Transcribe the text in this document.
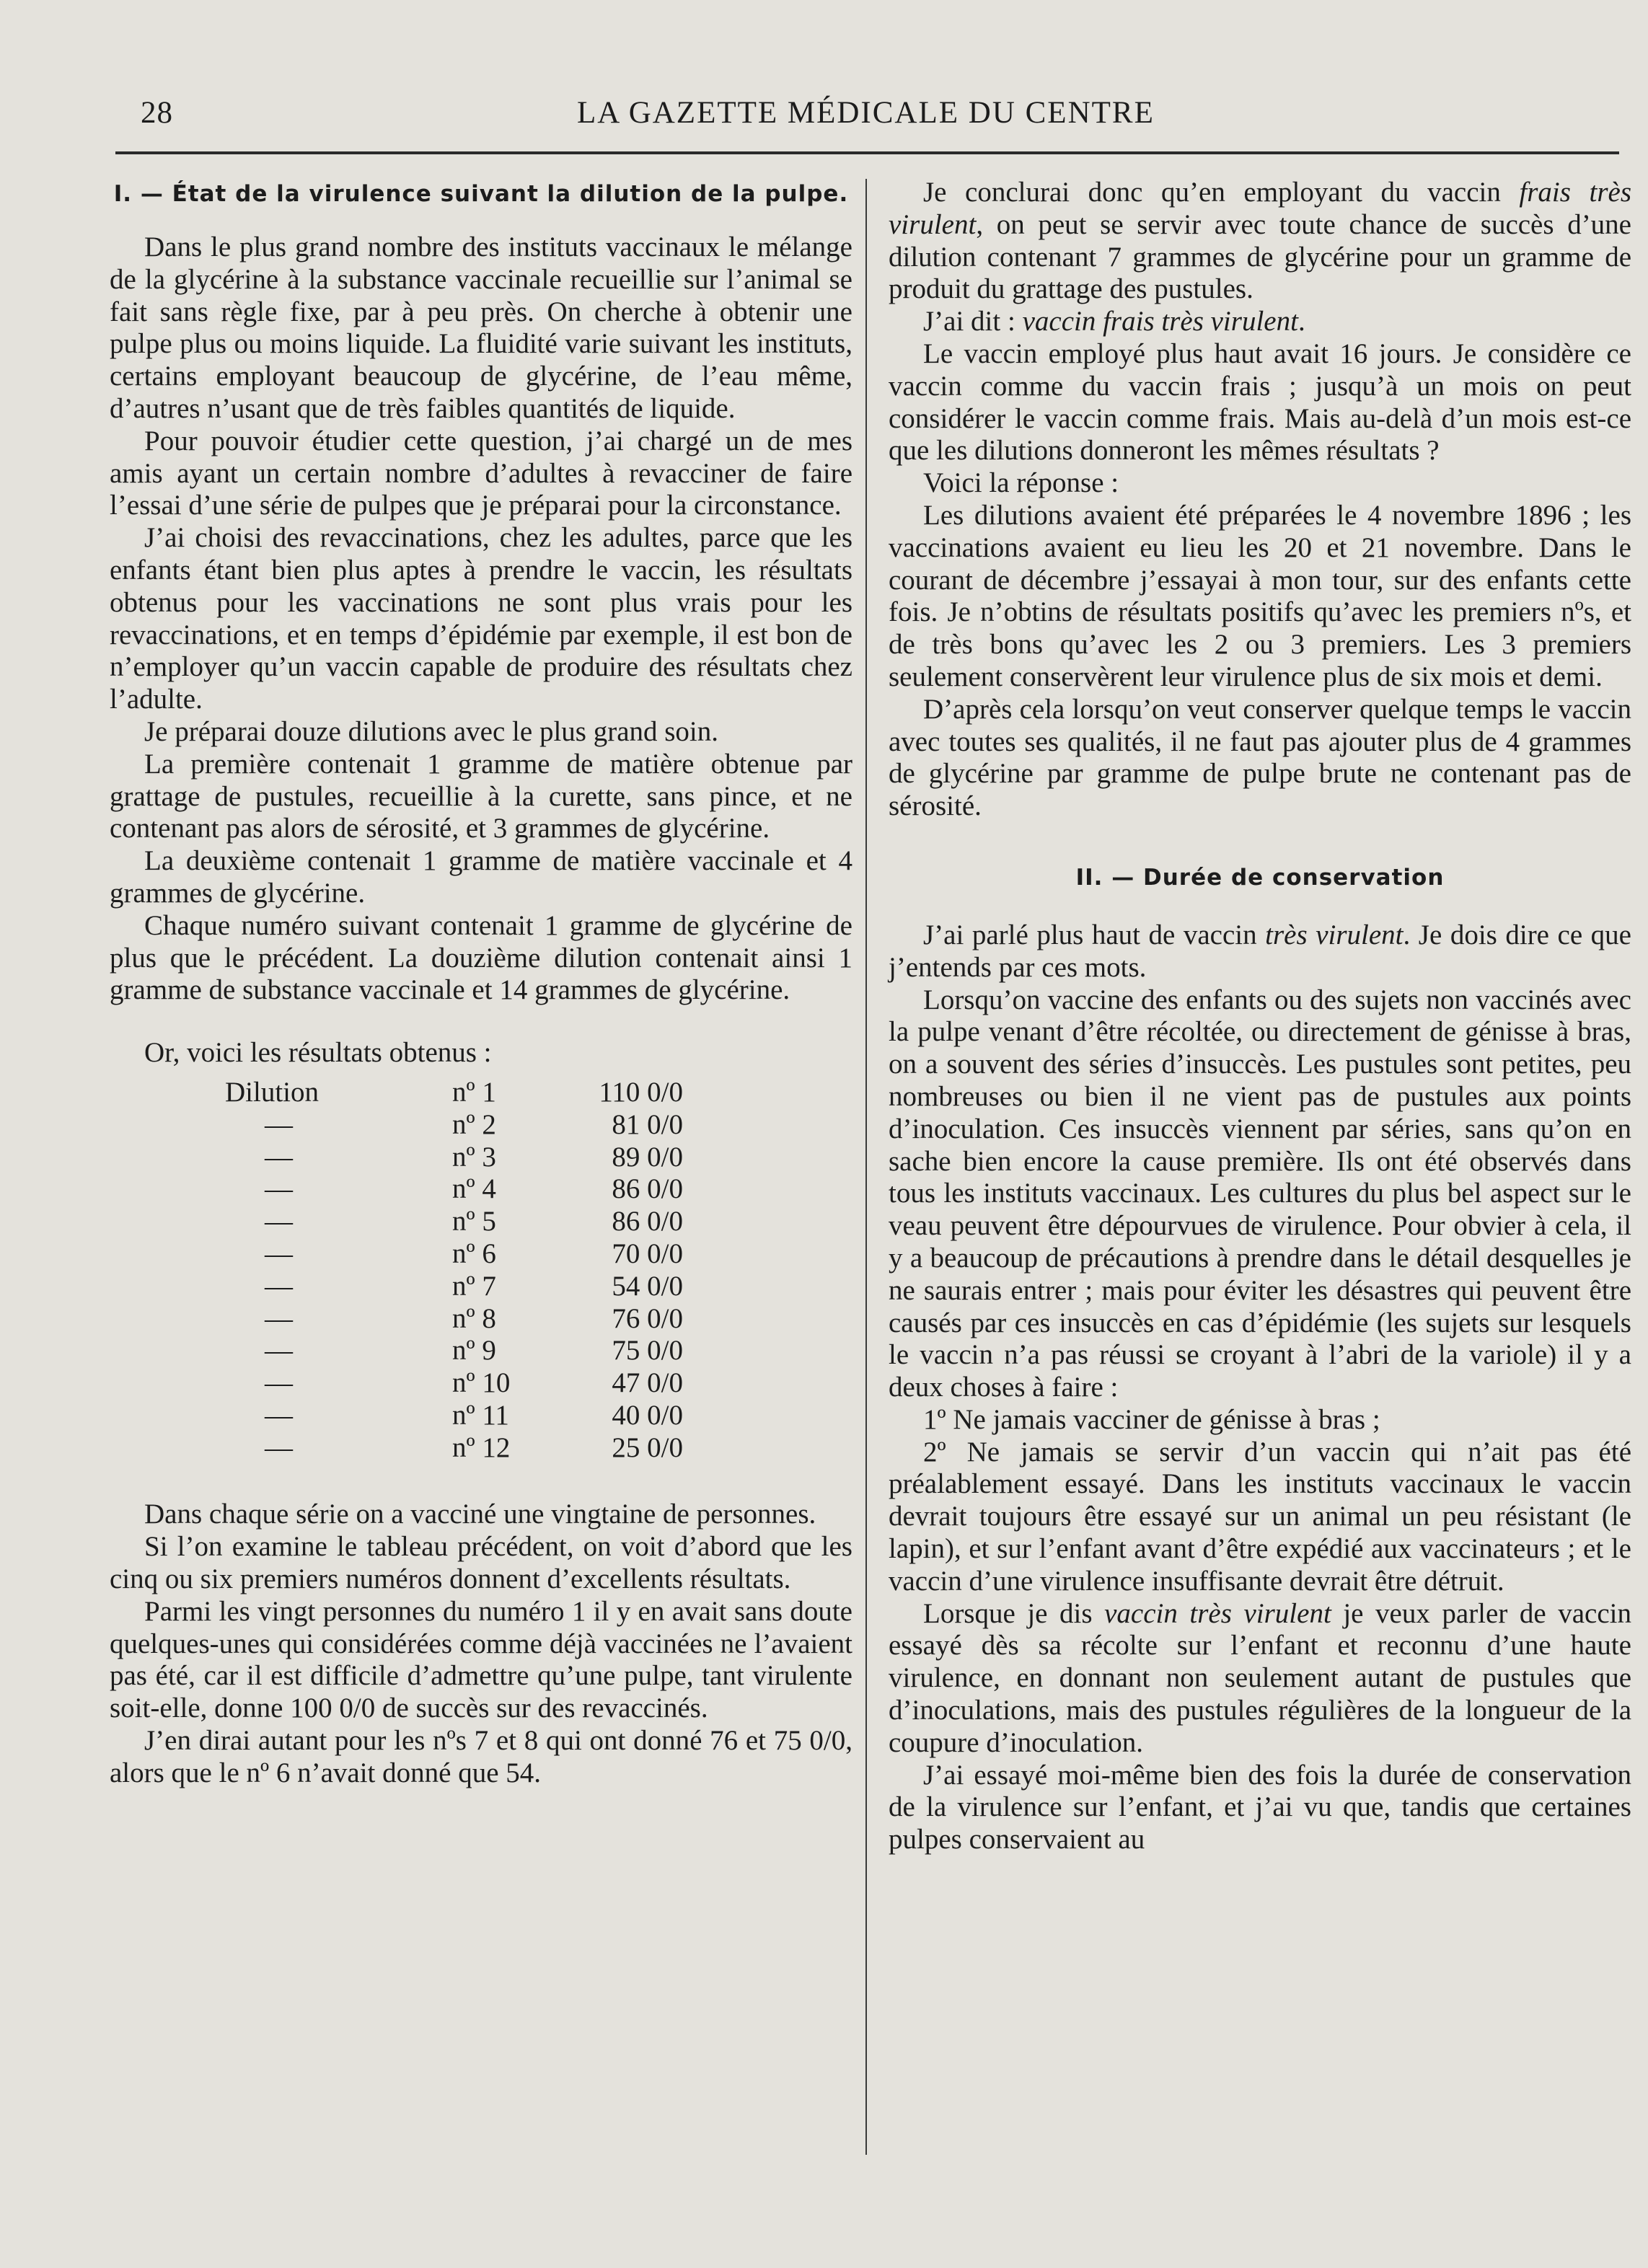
28	LA GAZETTE MÉDICALE DU CENTRE
I. — État de la virulence suivant la dilution de la pulpe.

Dans le plus grand nombre des instituts vaccinaux le mélange de la glycérine à la substance vaccinale recueillie sur l’animal se fait sans règle fixe, par à peu près. On cherche à obtenir une pulpe plus ou moins liquide. La fluidité varie suivant les instituts, certains employant beaucoup de glycérine, de l’eau même, d’autres n’usant que de très faibles quantités de liquide.

Pour pouvoir étudier cette question, j’ai chargé un de mes amis ayant un certain nombre d’adultes à revacciner de faire l’essai d’une série de pulpes que je préparai pour la circonstance.

J’ai choisi des revaccinations, chez les adultes, parce que les enfants étant bien plus aptes à prendre le vaccin, les résultats obtenus pour les vaccinations ne sont plus vrais pour les revaccinations, et en temps d’épidémie par exemple, il est bon de n’employer qu’un vaccin capable de produire des résultats chez l’adulte.

Je préparai douze dilutions avec le plus grand soin.

La première contenait 1 gramme de matière obtenue par grattage de pustules, recueillie à la curette, sans pince, et ne contenant pas alors de sérosité, et 3 grammes de glycérine.

La deuxième contenait 1 gramme de matière vaccinale et 4 grammes de glycérine.

Chaque numéro suivant contenait 1 gramme de glycérine de plus que le précédent. La douzième dilution contenait ainsi 1 gramme de substance vaccinale et 14 grammes de glycérine.

Or, voici les résultats obtenus :

Dilution	nº 1	110 0/0
—	nº 2	81 0/0
—	nº 3	89 0/0
—	nº 4	86 0/0
—	nº 5	86 0/0
—	nº 6	70 0/0
—	nº 7	54 0/0
—	nº 8	76 0/0
—	nº 9	75 0/0
—	nº 10	47 0/0
—	nº 11	40 0/0
—	nº 12	25 0/0

Dans chaque série on a vacciné une vingtaine de personnes.

Si l’on examine le tableau précédent, on voit d’abord que les cinq ou six premiers numéros donnent d’excellents résultats.

Parmi les vingt personnes du numéro 1 il y en avait sans doute quelques-unes qui considérées comme déjà vaccinées ne l’avaient pas été, car il est difficile d’admettre qu’une pulpe, tant virulente soit-elle, donne 100 0/0 de succès sur des revaccinés.

J’en dirai autant pour les nºs 7 et 8 qui ont donné 76 et 75 0/0, alors que le nº 6 n’avait donné que 54.

Je conclurai donc qu’en employant du vaccin frais très virulent, on peut se servir avec toute chance de succès d’une dilution contenant 7 grammes de glycérine pour un gramme de produit du grattage des pustules.

J’ai dit : vaccin frais très virulent.

Le vaccin employé plus haut avait 16 jours. Je considère ce vaccin comme du vaccin frais ; jusqu’à un mois on peut considérer le vaccin comme frais. Mais au-delà d’un mois est-ce que les dilutions donneront les mêmes résultats ?

Voici la réponse :

Les dilutions avaient été préparées le 4 novembre 1896 ; les vaccinations avaient eu lieu les 20 et 21 novembre. Dans le courant de décembre j’essayai à mon tour, sur des enfants cette fois. Je n’obtins de résultats positifs qu’avec les premiers nºs, et de très bons qu’avec les 2 ou 3 premiers. Les 3 premiers seulement conservèrent leur virulence plus de six mois et demi.

D’après cela lorsqu’on veut conserver quelque temps le vaccin avec toutes ses qualités, il ne faut pas ajouter plus de 4 grammes de glycérine par gramme de pulpe brute ne contenant pas de sérosité.

II. — Durée de conservation

J’ai parlé plus haut de vaccin très virulent. Je dois dire ce que j’entends par ces mots.

Lorsqu’on vaccine des enfants ou des sujets non vaccinés avec la pulpe venant d’être récoltée, ou directement de génisse à bras, on a souvent des séries d’insuccès. Les pustules sont petites, peu nombreuses ou bien il ne vient pas de pustules aux points d’inoculation. Ces insuccès viennent par séries, sans qu’on en sache bien encore la cause première. Ils ont été observés dans tous les instituts vaccinaux. Les cultures du plus bel aspect sur le veau peuvent être dépourvues de virulence. Pour obvier à cela, il y a beaucoup de précautions à prendre dans le détail desquelles je ne saurais entrer ; mais pour éviter les désastres qui peuvent être causés par ces insuccès en cas d’épidémie (les sujets sur lesquels le vaccin n’a pas réussi se croyant à l’abri de la variole) il y a deux choses à faire :

1º Ne jamais vacciner de génisse à bras ;

2º Ne jamais se servir d’un vaccin qui n’ait pas été préalablement essayé. Dans les instituts vaccinaux le vaccin devrait toujours être essayé sur un animal un peu résistant (le lapin), et sur l’enfant avant d’être expédié aux vaccinateurs ; et le vaccin d’une virulence insuffisante devrait être détruit.

Lorsque je dis vaccin très virulent je veux parler de vaccin essayé dès sa récolte sur l’enfant et reconnu d’une haute virulence, en donnant non seulement autant de pustules que d’inoculations, mais des pustules régulières de la longueur de la coupure d’inoculation.

J’ai essayé moi-même bien des fois la durée de conservation de la virulence sur l’enfant, et j’ai vu que, tandis que certaines pulpes conservaient au
